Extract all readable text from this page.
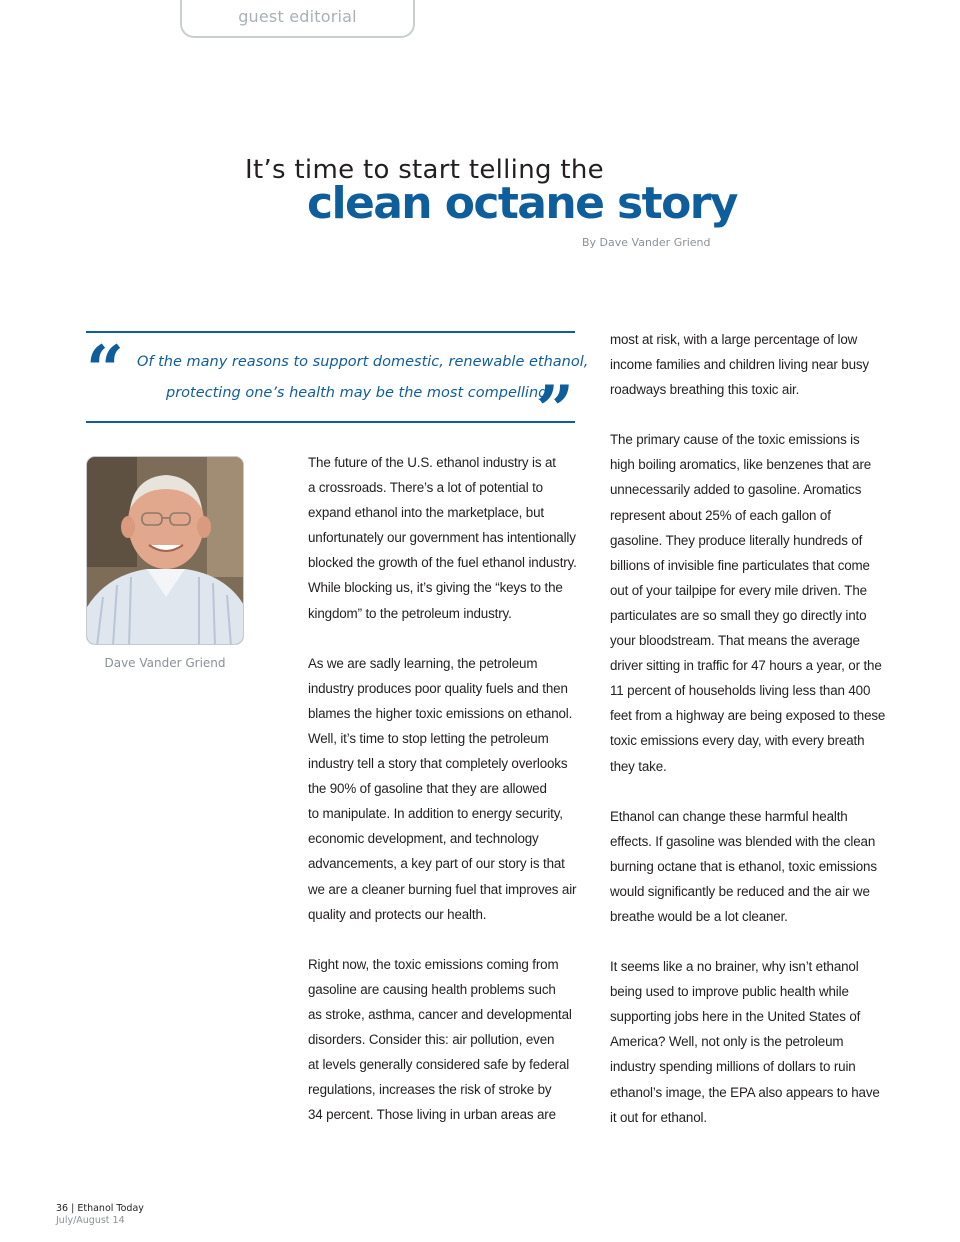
guest editorial
It’s time to start telling the
clean octane story
By Dave Vander Griend
“ Of the many reasons to support domestic, renewable ethanol,
protecting one’s health may be the most compelling.
”
Dave Vander Griend
The future of the U.S. ethanol industry is at
a crossroads. There’s a lot of potential to
expand ethanol into the marketplace, but
unfortunately our government has intentionally
blocked the growth of the fuel ethanol industry.
While blocking us, it’s giving the “keys to the
kingdom” to the petroleum industry.
As we are sadly learning, the petroleum
industry produces poor quality fuels and then
blames the higher toxic emissions on ethanol.
Well, it’s time to stop letting the petroleum
industry tell a story that completely overlooks
the 90% of gasoline that they are allowed
to manipulate. In addition to energy security,
economic development, and technology
advancements, a key part of our story is that
we are a cleaner burning fuel that improves air
quality and protects our health.
Right now, the toxic emissions coming from
gasoline are causing health problems such
as stroke, asthma, cancer and developmental
disorders. Consider this: air pollution, even
at levels generally considered safe by federal
regulations, increases the risk of stroke by
34 percent. Those living in urban areas are
most at risk, with a large percentage of low
income families and children living near busy
roadways breathing this toxic air.
The primary cause of the toxic emissions is
high boiling aromatics, like benzenes that are
unnecessarily added to gasoline. Aromatics
represent about 25% of each gallon of
gasoline. They produce literally hundreds of
billions of invisible fine particulates that come
out of your tailpipe for every mile driven. The
particulates are so small they go directly into
your bloodstream. That means the average
driver sitting in traffic for 47 hours a year, or the
11 percent of households living less than 400
feet from a highway are being exposed to these
toxic emissions every day, with every breath
they take.
Ethanol can change these harmful health
effects. If gasoline was blended with the clean
burning octane that is ethanol, toxic emissions
would significantly be reduced and the air we
breathe would be a lot cleaner.
It seems like a no brainer, why isn’t ethanol
being used to improve public health while
supporting jobs here in the United States of
America? Well, not only is the petroleum
industry spending millions of dollars to ruin
ethanol’s image, the EPA also appears to have
it out for ethanol.
36 | Ethanol Today
July/August 14
